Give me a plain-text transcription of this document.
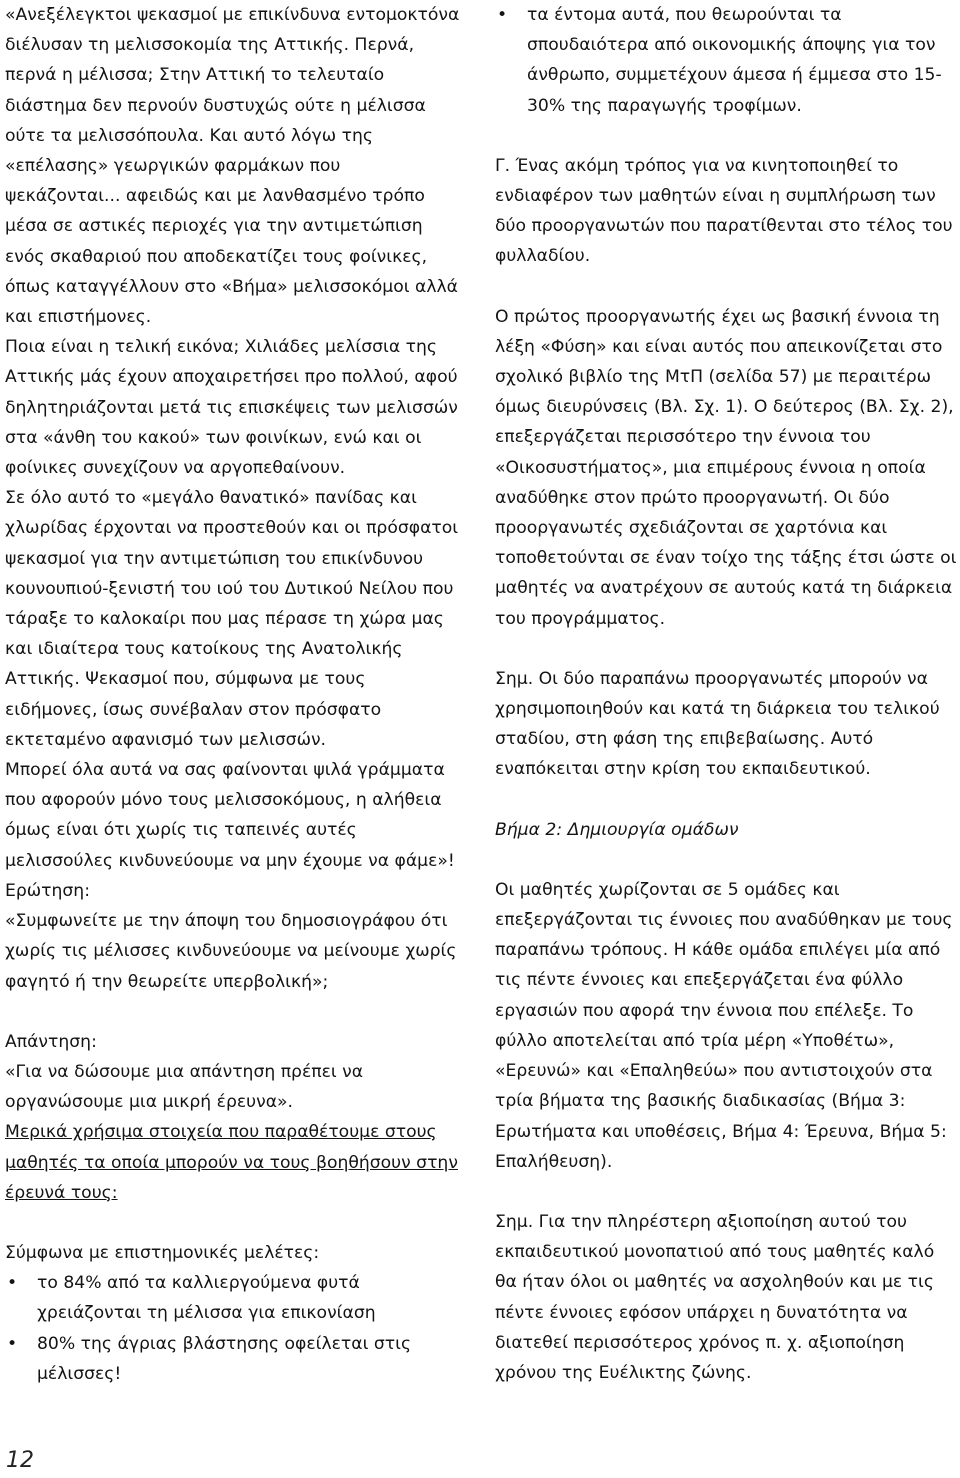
«Ανεξέλεγκτοι ψεκασμοί με επικίνδυνα εντομοκτόνα διέλυσαν τη μελισσοκομία της Αττικής. Περνά, περνά η μέλισσα; Στην Αττική το τελευταίο διάστημα δεν περνούν δυστυχώς ούτε η μέλισσα ούτε τα μελισσόπουλα. Και αυτό λόγω της «επέλασης» γεωργικών φαρμάκων που ψεκάζονται... αφειδώς και με λανθασμένο τρόπο μέσα σε αστικές περιοχές για την αντιμετώπιση ενός σκαθαριού που αποδεκατίζει τους φοίνικες, όπως καταγγέλλουν στο «Βήμα» μελισσοκόμοι αλλά και επιστήμονες.

Ποια είναι η τελική εικόνα; Χιλιάδες μελίσσια της Αττικής μάς έχουν αποχαιρετήσει προ πολλού, αφού δηλητηριάζονται μετά τις επισκέψεις των μελισσών στα «άνθη του κακού» των φοινίκων, ενώ και οι φοίνικες συνεχίζουν να αργοπεθαίνουν.

Σε όλο αυτό το «μεγάλο θανατικό» πανίδας και χλωρίδας έρχονται να προστεθούν και οι πρόσφατοι ψεκασμοί για την αντιμετώπιση του επικίνδυνου κουνουπιού-ξενιστή του ιού του Δυτικού Νείλου που τάραξε το καλοκαίρι που μας πέρασε τη χώρα μας και ιδιαίτερα τους κατοίκους της Ανατολικής Αττικής. Ψεκασμοί που, σύμφωνα με τους ειδήμονες, ίσως συνέβαλαν στον πρόσφατο εκτεταμένο αφανισμό των μελισσών.

Μπορεί όλα αυτά να σας φαίνονται ψιλά γράμματα που αφορούν μόνο τους μελισσοκόμους, η αλήθεια όμως είναι ότι χωρίς τις ταπεινές αυτές μελισσούλες κινδυνεύουμε να μην έχουμε να φάμε»!

Ερώτηση:

«Συμφωνείτε με την άποψη του δημοσιογράφου ότι χωρίς τις μέλισσες κινδυνεύουμε να μείνουμε χωρίς φαγητό ή την θεωρείτε υπερβολική»;

Απάντηση:

«Για να δώσουμε μια απάντηση πρέπει να οργανώσουμε μια μικρή έρευνα».

Μερικά χρήσιμα στοιχεία που παραθέτουμε στους μαθητές τα οποία μπορούν να τους βοηθήσουν στην έρευνά τους:

Σύμφωνα με επιστημονικές μελέτες:

• το 84% από τα καλλιεργούμενα φυτά χρειάζονται τη μέλισσα για επικονίαση
• 80% της άγριας βλάστησης οφείλεται στις μέλισσες!
• τα έντομα αυτά, που θεωρούνται τα σπουδαιότερα από οικονομικής άποψης για τον άνθρωπο, συμμετέχουν άμεσα ή έμμεσα στο 15-30% της παραγωγής τροφίμων.

Γ. Ένας ακόμη τρόπος για να κινητοποιηθεί το ενδιαφέρον των μαθητών είναι η συμπλήρωση των δύο προοργανωτών που παρατίθενται στο τέλος του φυλλαδίου.

Ο πρώτος προοργανωτής έχει ως βασική έννοια τη λέξη «Φύση» και είναι αυτός που απεικονίζεται στο σχολικό βιβλίο της ΜτΠ (σελίδα 57) με περαιτέρω όμως διευρύνσεις (Βλ. Σχ. 1). Ο δεύτερος (Βλ. Σχ. 2), επεξεργάζεται περισσότερο την έννοια του «Οικοσυστήματος», μια επιμέρους έννοια η οποία αναδύθηκε στον πρώτο προοργανωτή. Οι δύο προοργανωτές σχεδιάζονται σε χαρτόνια και τοποθετούνται σε έναν τοίχο της τάξης έτσι ώστε οι μαθητές να ανατρέχουν σε αυτούς κατά τη διάρκεια του προγράμματος.

Σημ. Οι δύο παραπάνω προοργανωτές μπορούν να χρησιμοποιηθούν και κατά τη διάρκεια του τελικού σταδίου, στη φάση της επιβεβαίωσης. Αυτό εναπόκειται στην κρίση του εκπαιδευτικού.

Βήμα 2: Δημιουργία ομάδων

Οι μαθητές χωρίζονται σε 5 ομάδες και επεξεργάζονται τις έννοιες που αναδύθηκαν με τους παραπάνω τρόπους. Η κάθε ομάδα επιλέγει μία από τις πέντε έννοιες και επεξεργάζεται ένα φύλλο εργασιών που αφορά την έννοια που επέλεξε. Το φύλλο αποτελείται από τρία μέρη «Υποθέτω», «Ερευνώ» και «Επαληθεύω» που αντιστοιχούν στα τρία βήματα της βασικής διαδικασίας (Βήμα 3: Ερωτήματα και υποθέσεις, Βήμα 4: Έρευνα, Βήμα 5: Επαλήθευση).

Σημ. Για την πληρέστερη αξιοποίηση αυτού του εκπαιδευτικού μονοπατιού από τους μαθητές καλό θα ήταν όλοι οι μαθητές να ασχοληθούν και με τις πέντε έννοιες εφόσον υπάρχει η δυνατότητα να διατεθεί περισσότερος χρόνος π. χ. αξιοποίηση χρόνου της Ευέλικτης ζώνης.

12
